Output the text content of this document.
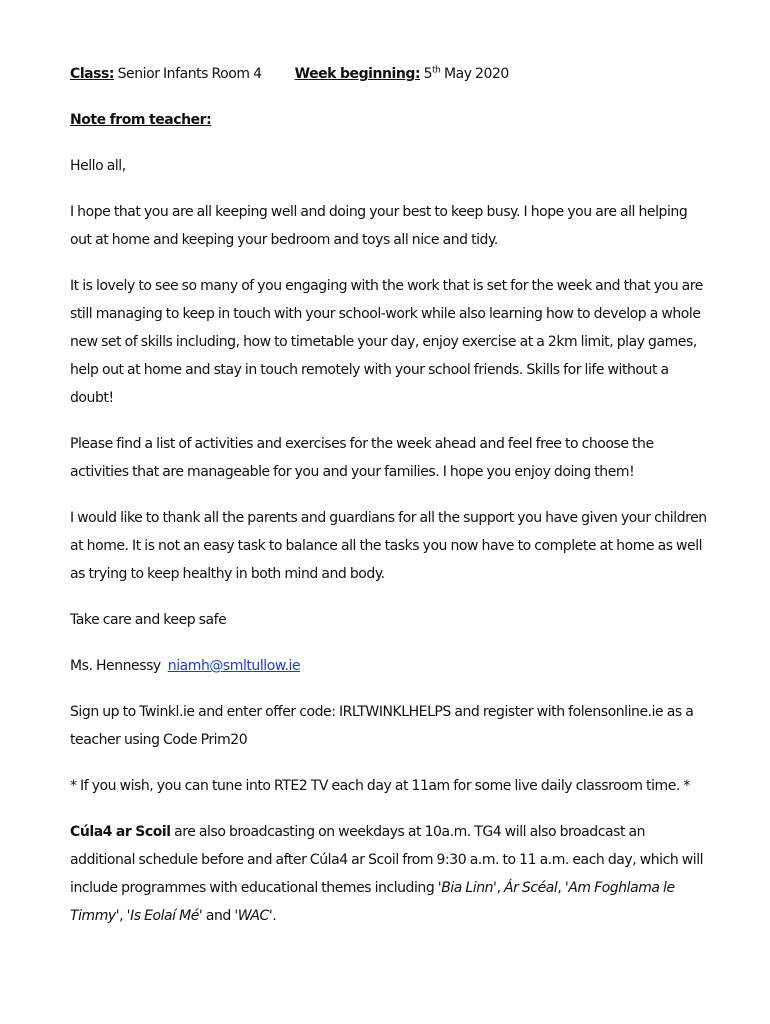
Class: Senior Infants Room 4 Week beginning: 5th May 2020

Note from teacher:

Hello all,

I hope that you are all keeping well and doing your best to keep busy. I hope you are all helping out at home and keeping your bedroom and toys all nice and tidy.

It is lovely to see so many of you engaging with the work that is set for the week and that you are still managing to keep in touch with your school-work while also learning how to develop a whole new set of skills including, how to timetable your day, enjoy exercise at a 2km limit, play games, help out at home and stay in touch remotely with your school friends. Skills for life without a doubt!

Please find a list of activities and exercises for the week ahead and feel free to choose the activities that are manageable for you and your families. I hope you enjoy doing them!

I would like to thank all the parents and guardians for all the support you have given your children at home. It is not an easy task to balance all the tasks you now have to complete at home as well as trying to keep healthy in both mind and body.

Take care and keep safe

Ms. Hennessy niamh@smltullow.ie

Sign up to Twinkl.ie and enter offer code: IRLTWINKLHELPS and register with folensonline.ie as a teacher using Code Prim20

* If you wish, you can tune into RTE2 TV each day at 11am for some live daily classroom time. *

Cúla4 ar Scoil are also broadcasting on weekdays at 10a.m. TG4 will also broadcast an additional schedule before and after Cúla4 ar Scoil from 9:30 a.m. to 11 a.m. each day, which will include programmes with educational themes including 'Bia Linn', Ár Scéal, 'Am Foghlama le Timmy', 'Is Eolaí Mé' and 'WAC'.
